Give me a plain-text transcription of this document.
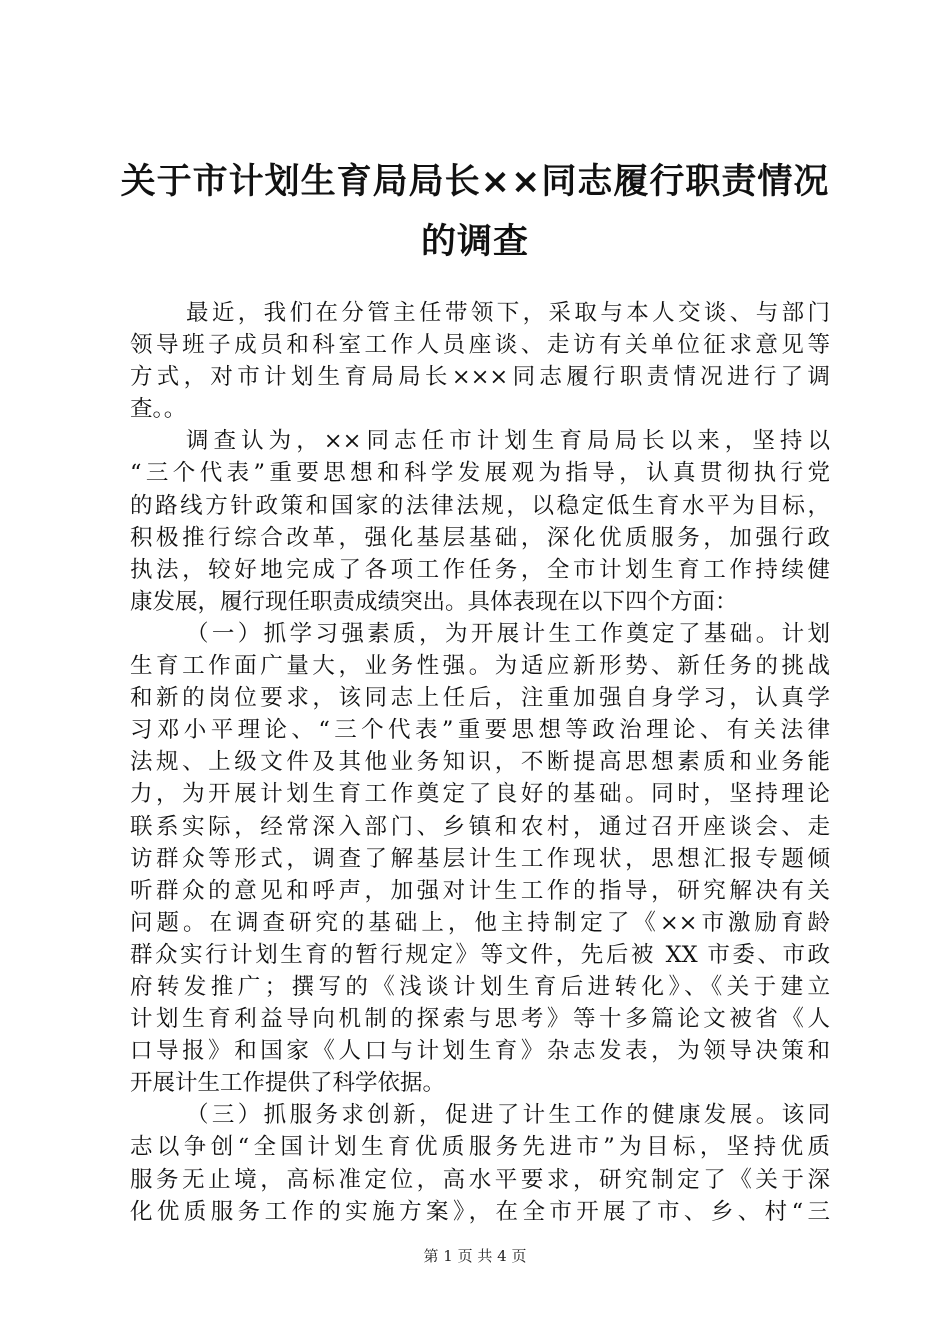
关于市计划生育局局长××同志履行职责情况
的调查
最近，我们在分管主任带领下，采取与本人交谈、与部门
领导班子成员和科室工作人员座谈、走访有关单位征求意见等
方式，对市计划生育局局长×××同志履行职责情况进行了调
查。。
调查认为，××同志任市计划生育局局长以来，坚持以
“三个代表”重要思想和科学发展观为指导，认真贯彻执行党
的路线方针政策和国家的法律法规，以稳定低生育水平为目标，
积极推行综合改革，强化基层基础，深化优质服务，加强行政
执法，较好地完成了各项工作任务，全市计划生育工作持续健
康发展，履行现任职责成绩突出。具体表现在以下四个方面：
（一）抓学习强素质，为开展计生工作奠定了基础。计划
生育工作面广量大，业务性强。为适应新形势、新任务的挑战
和新的岗位要求，该同志上任后，注重加强自身学习，认真学
习邓小平理论、“三个代表”重要思想等政治理论、有关法律
法规、上级文件及其他业务知识，不断提高思想素质和业务能
力，为开展计划生育工作奠定了良好的基础。同时，坚持理论
联系实际，经常深入部门、乡镇和农村，通过召开座谈会、走
访群众等形式，调查了解基层计生工作现状，思想汇报专题倾
听群众的意见和呼声，加强对计生工作的指导，研究解决有关
问题。在调查研究的基础上，他主持制定了《××市激励育龄
群众实行计划生育的暂行规定》等文件，先后被 XX 市委、市政
府转发推广；撰写的《浅谈计划生育后进转化》、《关于建立
计划生育利益导向机制的探索与思考》等十多篇论文被省《人
口导报》和国家《人口与计划生育》杂志发表，为领导决策和
开展计生工作提供了科学依据。
（三）抓服务求创新，促进了计生工作的健康发展。该同
志以争创“全国计划生育优质服务先进市”为目标，坚持优质
服务无止境，高标准定位，高水平要求，研究制定了《关于深
化优质服务工作的实施方案》，在全市开展了市、乡、村“三
第 1 页 共 4 页
